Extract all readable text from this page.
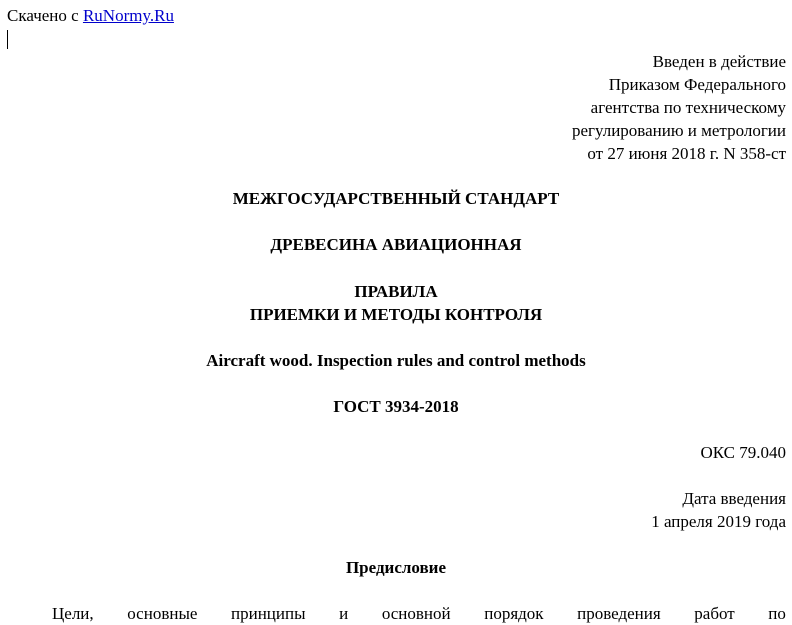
Скачено с RuNormy.Ru
Введен в действие
Приказом Федерального
агентства по техническому
регулированию и метрологии
от 27 июня 2018 г. N 358-ст
МЕЖГОСУДАРСТВЕННЫЙ СТАНДАРТ
ДРЕВЕСИНА АВИАЦИОННАЯ
ПРАВИЛА
ПРИЕМКИ И МЕТОДЫ КОНТРОЛЯ
Aircraft wood. Inspection rules and control methods
ГОСТ 3934-2018
ОКС 79.040
Дата введения
1 апреля 2019 года
Предисловие
Цели, основные принципы и основной порядок проведения работ по
